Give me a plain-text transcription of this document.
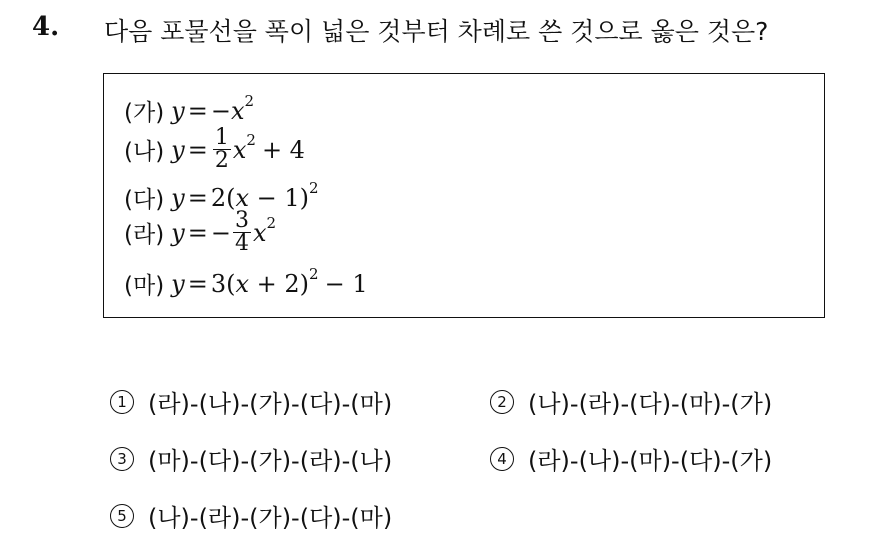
4. 다음 포물선을 폭이 넓은 것부터 차례로 쓴 것으로 옳은 것은?
(가) y = − x 2
(나) $y = \frac{1}{2}$ x 2 + 4
(다) y = 2( x − 1) 2
(라) y = − $\frac{3}{4}$ x 2
(마) y = 3( x + 2) 2 − 1
1 (라)-(나)-(가)-(다)-(마)	2 (나)-(라)-(다)-(마)-(가)
3 (마)-(다)-(가)-(라)-(나)	4 (라)-(나)-(마)-(다)-(가)
5 (나)-(라)-(가)-(다)-(마)
